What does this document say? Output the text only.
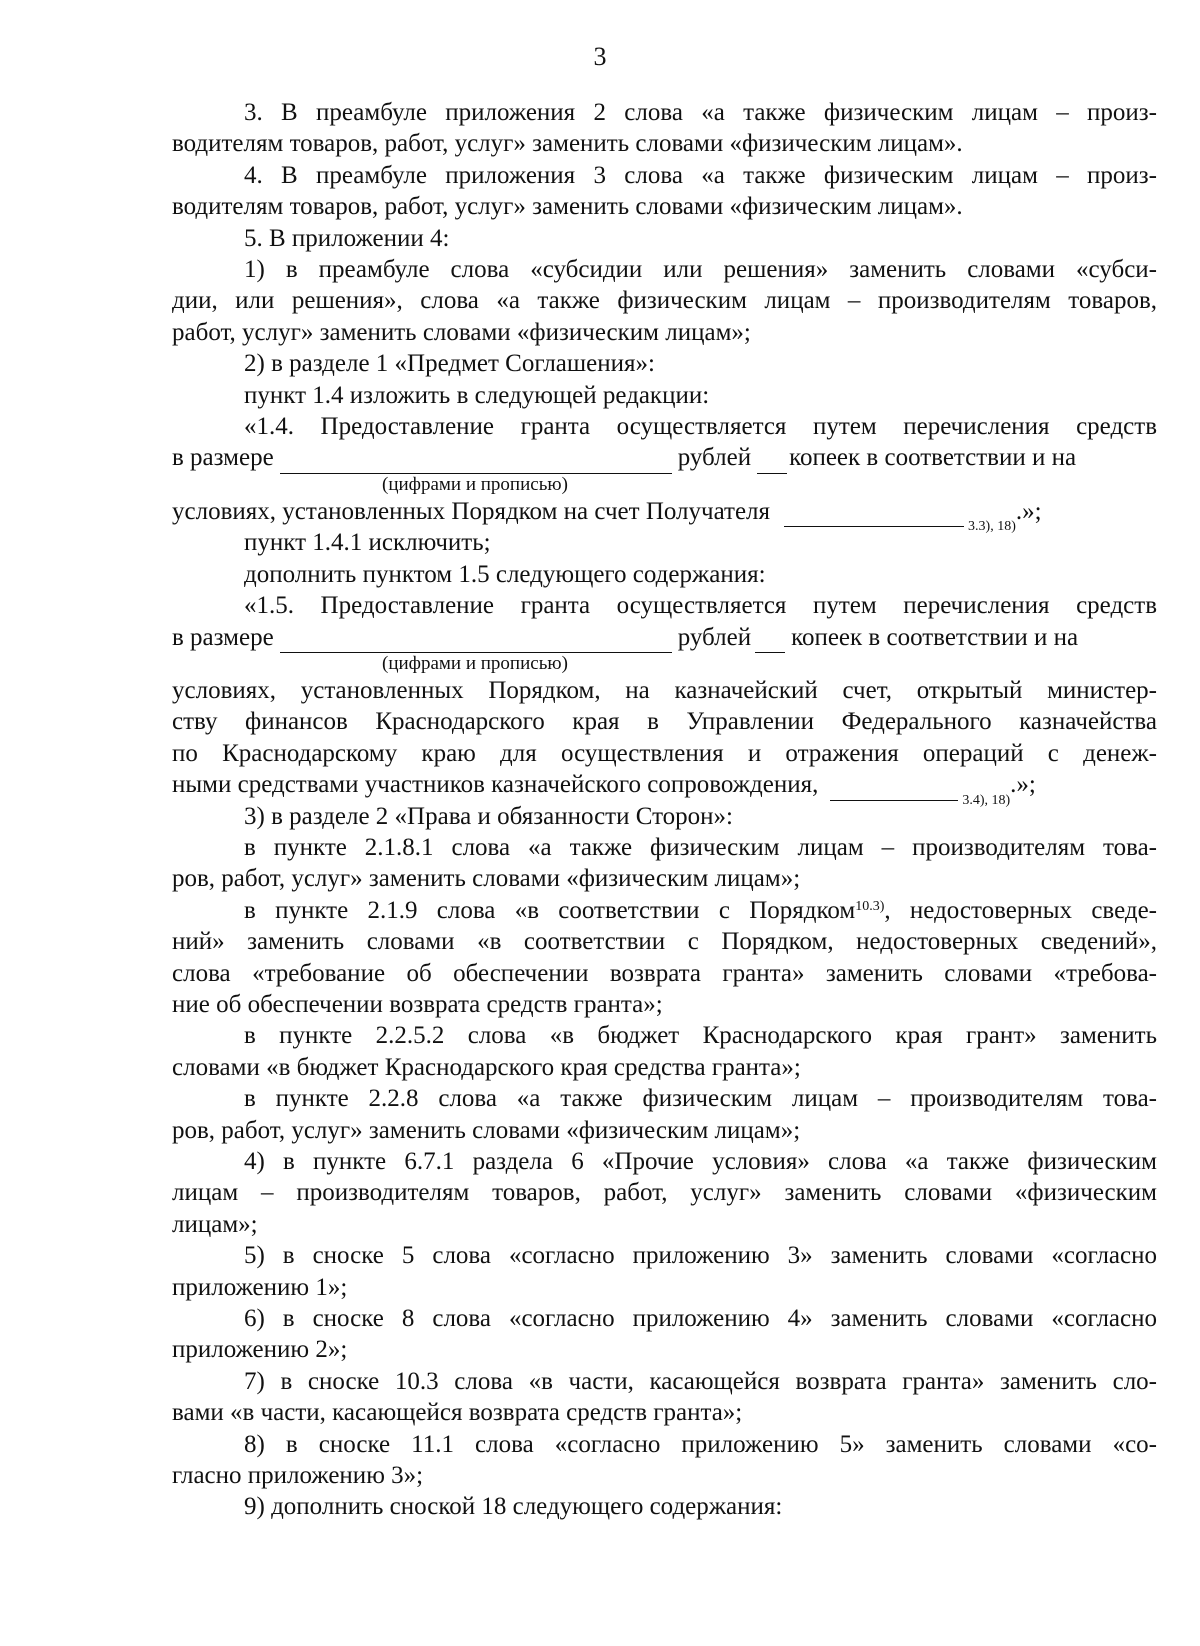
3

3. В преамбуле приложения 2 слова «а также физическим лицам – произ-

водителям товаров, работ, услуг» заменить словами «физическим лицам».

4. В преамбуле приложения 3 слова «а также физическим лицам – произ-

водителям товаров, работ, услуг» заменить словами «физическим лицам».

5. В приложении 4:

1) в преамбуле слова «субсидии или решения» заменить словами «субси-

дии, или решения», слова «а также физическим лицам – производителям товаров,

работ, услуг» заменить словами «физическим лицам»;

2) в разделе 1 «Предмет Соглашения»:

пункт 1.4 изложить в следующей редакции:

«1.4. Предоставление гранта осуществляется путем перечисления средств

в размере	рублей копеек в соответствии и на
(цифрами и прописью)
условиях, установленных Порядком на счет Получателя
3.3), 18)
.»;

пункт 1.4.1 исключить;

дополнить пунктом 1.5 следующего содержания:

«1.5. Предоставление гранта осуществляется путем перечисления средств

в размере	рублей копеек в соответствии и на
(цифрами и прописью)

условиях, установленных Порядком, на казначейский счет, открытый министер-

ству финансов Краснодарского края в Управлении Федерального казначейства

по Краснодарскому краю для осуществления и отражения операций с денеж-

ными средствами участников казначейского сопровождения,
3.4), 18)
.»;

3) в разделе 2 «Права и обязанности Сторон»:

в пункте 2.1.8.1 слова «а также физическим лицам – производителям това-

ров, работ, услуг» заменить словами «физическим лицам»;

в пункте 2.1.9 слова «в соответствии с Порядком$^{10.3)}$, недостоверных сведе-

ний» заменить словами «в соответствии с Порядком, недостоверных сведений»,

слова «требование об обеспечении возврата гранта» заменить словами «требова-

ние об обеспечении возврата средств гранта»;

в пункте 2.2.5.2 слова «в бюджет Краснодарского края грант» заменить

словами «в бюджет Краснодарского края средства гранта»;

в пункте 2.2.8 слова «а также физическим лицам – производителям това-

ров, работ, услуг» заменить словами «физическим лицам»;

4) в пункте 6.7.1 раздела 6 «Прочие условия» слова «а также физическим

лицам – производителям товаров, работ, услуг» заменить словами «физическим

лицам»;

5) в сноске 5 слова «согласно приложению 3» заменить словами «согласно

приложению 1»;

6) в сноске 8 слова «согласно приложению 4» заменить словами «согласно

приложению 2»;

7) в сноске 10.3 слова «в части, касающейся возврата гранта» заменить сло-

вами «в части, касающейся возврата средств гранта»;

8) в сноске 11.1 слова «согласно приложению 5» заменить словами «со-

гласно приложению 3»;

9) дополнить сноской 18 следующего содержания:
